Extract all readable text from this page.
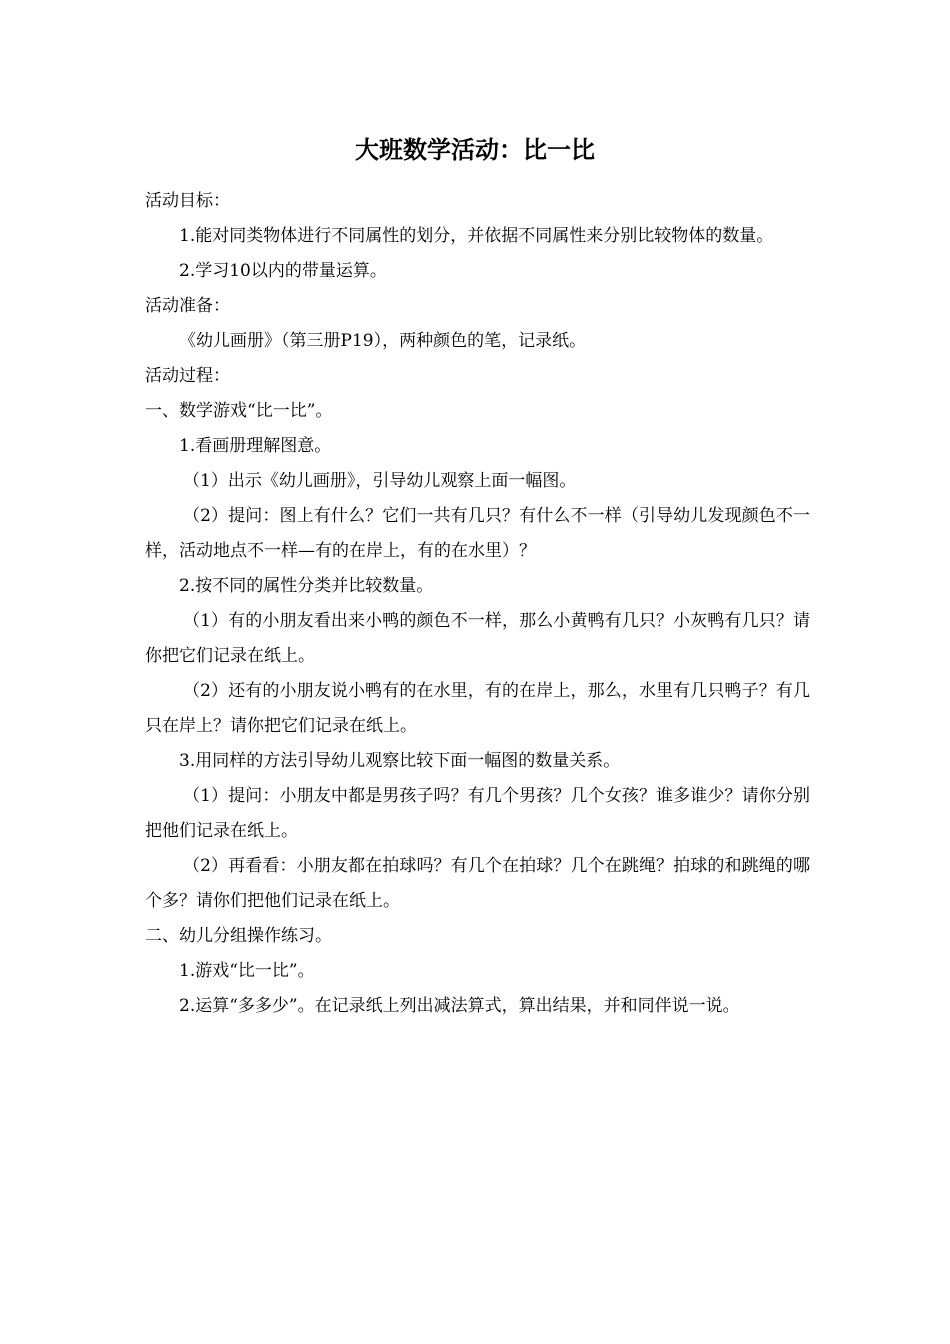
大班数学活动：比一比

活动目标：

1.能对同类物体进行不同属性的划分，并依据不同属性来分别比较物体的数量。

2.学习10以内的带量运算。

活动准备：

《幼儿画册》（第三册P19），两种颜色的笔，记录纸。

活动过程：

一、数学游戏“比一比”。

1.看画册理解图意。

（1）出示《幼儿画册》，引导幼儿观察上面一幅图。

（2）提问：图上有什么？它们一共有几只？有什么不一样（引导幼儿发现颜色不一样，活动地点不一样—有的在岸上，有的在水里）？

2.按不同的属性分类并比较数量。

（1）有的小朋友看出来小鸭的颜色不一样，那么小黄鸭有几只？小灰鸭有几只？请你把它们记录在纸上。

（2）还有的小朋友说小鸭有的在水里，有的在岸上，那么，水里有几只鸭子？有几只在岸上？请你把它们记录在纸上。

3.用同样的方法引导幼儿观察比较下面一幅图的数量关系。

（1）提问：小朋友中都是男孩子吗？有几个男孩？几个女孩？谁多谁少？请你分别把他们记录在纸上。

（2）再看看：小朋友都在拍球吗？有几个在拍球？几个在跳绳？拍球的和跳绳的哪个多？请你们把他们记录在纸上。

二、幼儿分组操作练习。

1.游戏“比一比”。

2.运算“多多少”。在记录纸上列出减法算式，算出结果，并和同伴说一说。
